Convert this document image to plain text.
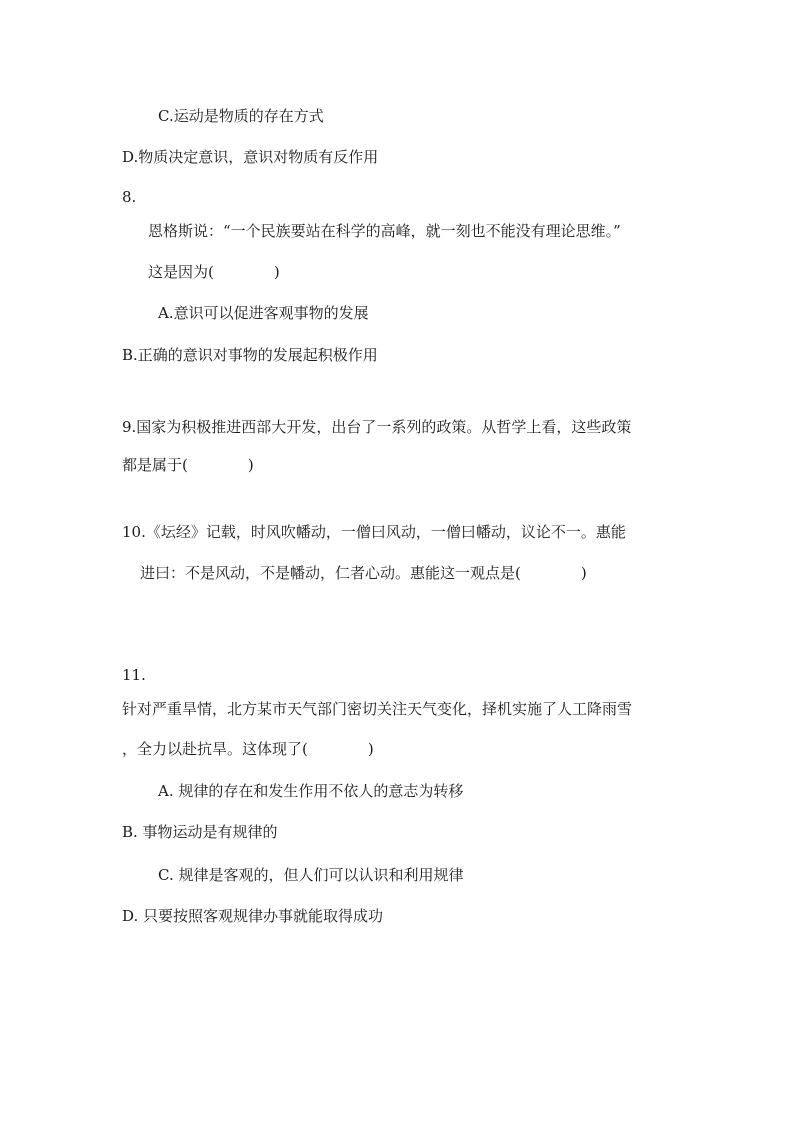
C.运动是物质的存在方式
D.物质决定意识，意识对物质有反作用
8.
恩格斯说：“一个民族要站在科学的高峰，就一刻也不能没有理论思维。”
这是因为(　　　　)
A.意识可以促进客观事物的发展
B.正确的意识对事物的发展起积极作用
9.国家为积极推进西部大开发，出台了一系列的政策。从哲学上看，这些政策
都是属于(　　　　)
10.《坛经》记载，时风吹幡动，一僧曰风动，一僧曰幡动，议论不一。惠能
进曰：不是风动，不是幡动，仁者心动。惠能这一观点是(　　　　)
11.
针对严重旱情，北方某市天气部门密切关注天气变化，择机实施了人工降雨雪
，全力以赴抗旱。这体现了(　　　　)
A. 规律的存在和发生作用不依人的意志为转移
B. 事物运动是有规律的
C. 规律是客观的，但人们可以认识和利用规律
D. 只要按照客观规律办事就能取得成功
